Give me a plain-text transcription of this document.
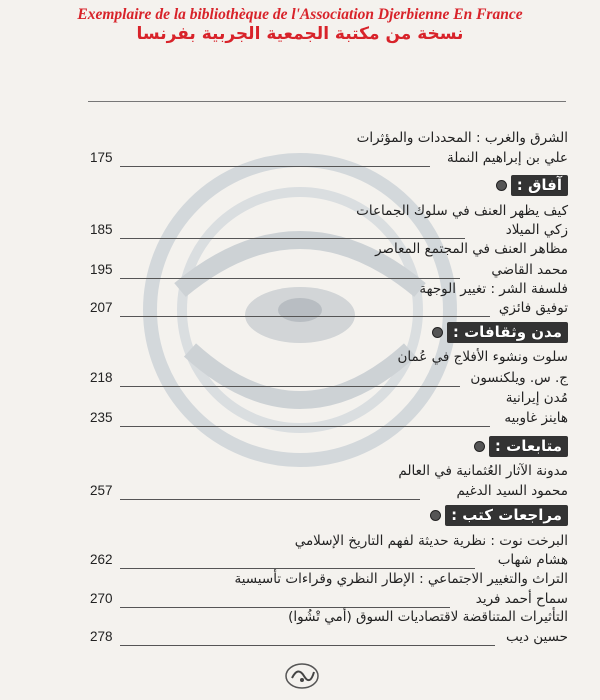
Exemplaire de la bibliothèque de l'Association Djerbienne En France
نسخة من مكتبة الجمعية الجربية بفرنسا
الشرق والغرب : المحددات والمؤثرات
علي بن إبراهيم النملة
175
آفاق :
كيف يظهر العنف في سلوك الجماعات
زكي الميلاد
185
مظاهر العنف في المجتمع المعاصر
محمد القاضي
195
فلسفة الشر : تغيير الوجهة
توفيق فائزي
207
مدن وثقافات :
سلوت ونشوء الأفلاج في عُمان
ج. س. ويلكنسون
218
مُدن إيرانية
هاينز غاوبيه
235
متابعات :
مدونة الآثار العُثمانية في العالم
محمود السيد الدغيم
257
مراجعات كتب :
البرخت نوت : نظرية حديثة لفهم التاريخ الإسلامي
هشام شهاب
262
التراث والتغيير الاجتماعي : الإطار النظري وقراءات تأسيسية
سماح أحمد فريد
270
التأثيرات المتناقضة لاقتصاديات السوق (أمي تْشُوا)
حسين ديب
278
